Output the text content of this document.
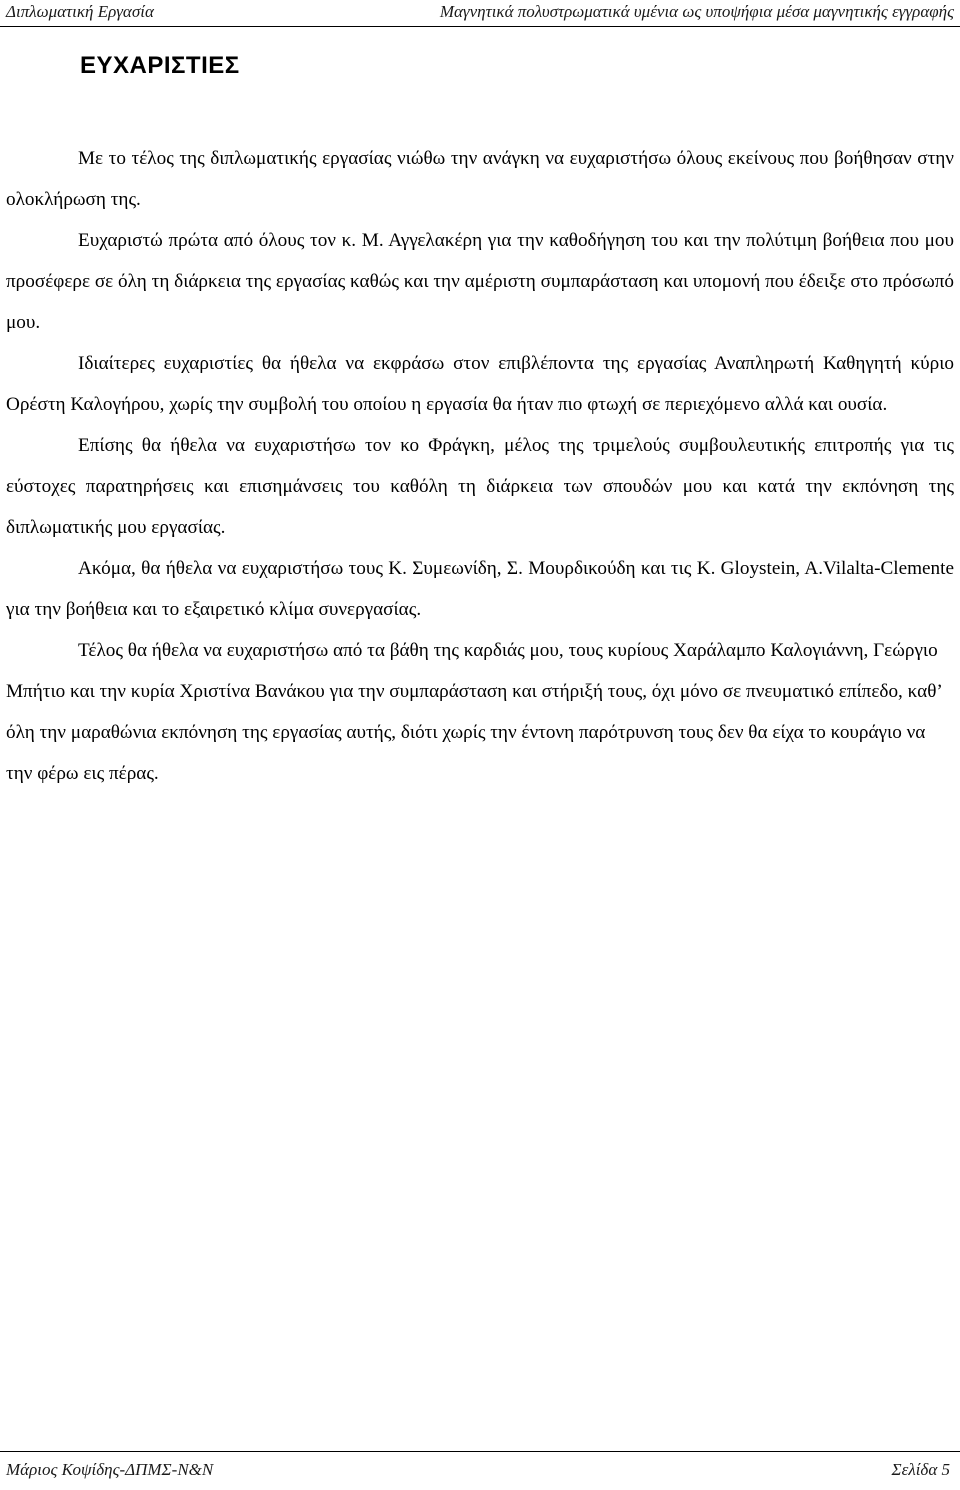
Διπλωματική Εργασία	Μαγνητικά πολυστρωματικά υμένια ως υποψήφια μέσα μαγνητικής εγγραφής
ΕΥΧΑΡΙΣΤΙΕΣ

Με το τέλος της διπλωματικής εργασίας νιώθω την ανάγκη να ευχαριστήσω όλους εκείνους που βοήθησαν στην ολοκλήρωση της.

Ευχαριστώ πρώτα από όλους τον κ. Μ. Αγγελακέρη για την καθοδήγηση του και την πολύτιμη βοήθεια που μου προσέφερε σε όλη τη διάρκεια της εργασίας καθώς και την αμέριστη συμπαράσταση και υπομονή που έδειξε στο πρόσωπό μου.

Ιδιαίτερες ευχαριστίες θα ήθελα να εκφράσω στον επιβλέποντα της εργασίας Αναπληρωτή Καθηγητή κύριο Ορέστη Καλογήρου, χωρίς την συμβολή του οποίου η εργασία θα ήταν πιο φτωχή σε περιεχόμενο αλλά και ουσία.

Επίσης θα ήθελα να ευχαριστήσω τον κο Φράγκη, μέλος της τριμελούς συμβουλευτικής επιτροπής για τις εύστοχες παρατηρήσεις και επισημάνσεις του καθόλη τη διάρκεια των σπουδών μου και κατά την εκπόνηση της διπλωματικής μου εργασίας.

Ακόμα, θα ήθελα να ευχαριστήσω τους Κ. Συμεωνίδη, Σ. Μουρδικούδη και τις Κ. Gloystein, A.Vilalta-Clemente για την βοήθεια και το εξαιρετικό κλίμα συνεργασίας.

Τέλος θα ήθελα να ευχαριστήσω από τα βάθη της καρδιάς μου, τους κυρίους Χαράλαμπο Καλογιάννη, Γεώργιο Μπήτιο και την κυρία Χριστίνα Βανάκου για την συμπαράσταση και στήριξή τους, όχι μόνο σε πνευματικό επίπεδο, καθ’ όλη την μαραθώνια εκπόνηση της εργασίας αυτής, διότι χωρίς την έντονη παρότρυνση τους δεν θα είχα το κουράγιο να την φέρω εις πέρας.

Μάριος Κοψίδης-ΔΠΜΣ-Ν&Ν	Σελίδα 5
